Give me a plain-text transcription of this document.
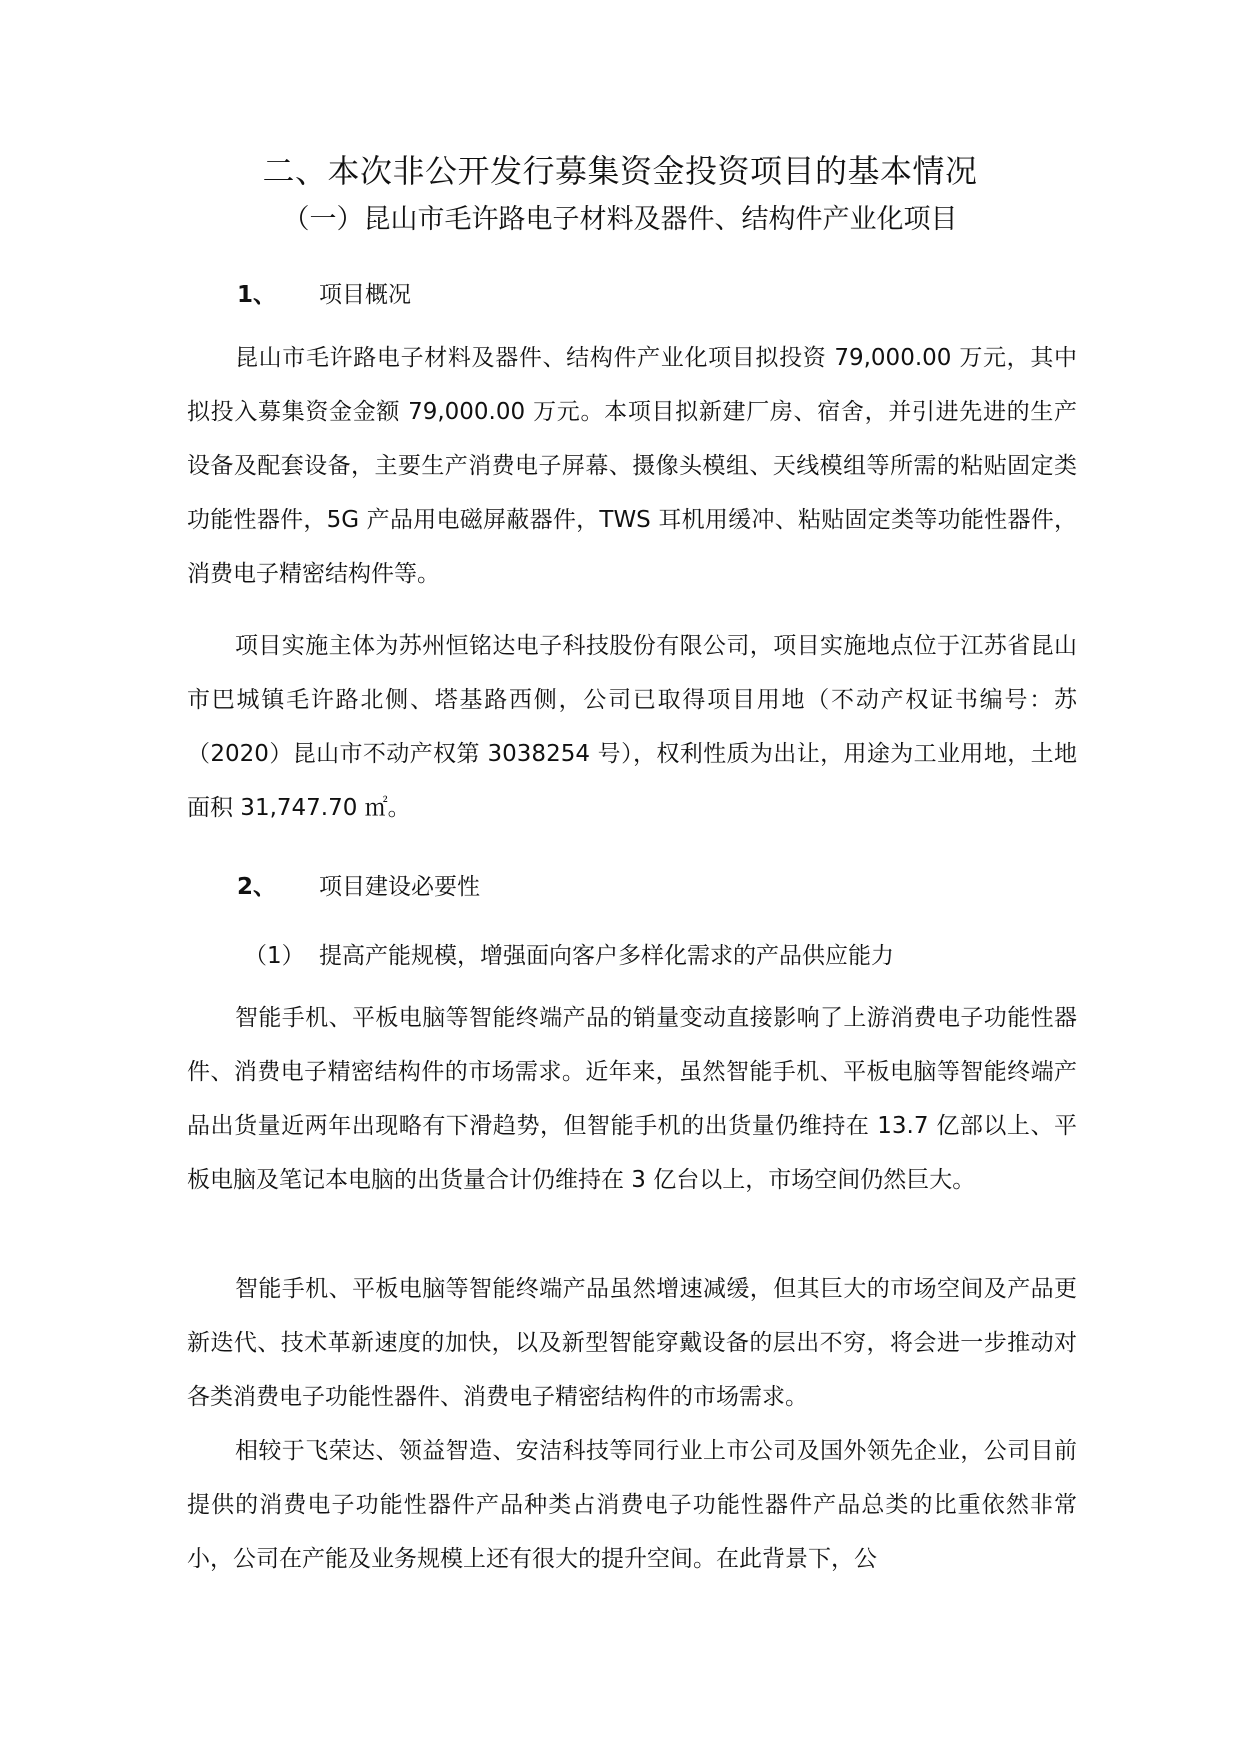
二、本次非公开发行募集资金投资项目的基本情况
（一）昆山市毛许路电子材料及器件、结构件产业化项目
1、 项目概况
昆山市毛许路电子材料及器件、结构件产业化项目拟投资 79,000.00 万元，其中拟投入募集资金金额 79,000.00 万元。本项目拟新建厂房、宿舍，并引进先进的生产设备及配套设备，主要生产消费电子屏幕、摄像头模组、天线模组等所需的粘贴固定类功能性器件，5G 产品用电磁屏蔽器件，TWS 耳机用缓冲、粘贴固定类等功能性器件，消费电子精密结构件等。
项目实施主体为苏州恒铭达电子科技股份有限公司，项目实施地点位于江苏省昆山市巴城镇毛许路北侧、塔基路西侧，公司已取得项目用地（不动产权证书编号：苏（2020）昆山市不动产权第 3038254 号），权利性质为出让，用途为工业用地，土地面积 31,747.70 ㎡。
2、 项目建设必要性
（1） 提高产能规模，增强面向客户多样化需求的产品供应能力
智能手机、平板电脑等智能终端产品的销量变动直接影响了上游消费电子功能性器件、消费电子精密结构件的市场需求。近年来，虽然智能手机、平板电脑等智能终端产品出货量近两年出现略有下滑趋势，但智能手机的出货量仍维持在 13.7 亿部以上、平板电脑及笔记本电脑的出货量合计仍维持在 3 亿台以上，市场空间仍然巨大。
智能手机、平板电脑等智能终端产品虽然增速减缓，但其巨大的市场空间及产品更新迭代、技术革新速度的加快，以及新型智能穿戴设备的层出不穷，将会进一步推动对各类消费电子功能性器件、消费电子精密结构件的市场需求。
相较于飞荣达、领益智造、安洁科技等同行业上市公司及国外领先企业，公司目前提供的消费电子功能性器件产品种类占消费电子功能性器件产品总类的比重依然非常小，公司在产能及业务规模上还有很大的提升空间。在此背景下，公
